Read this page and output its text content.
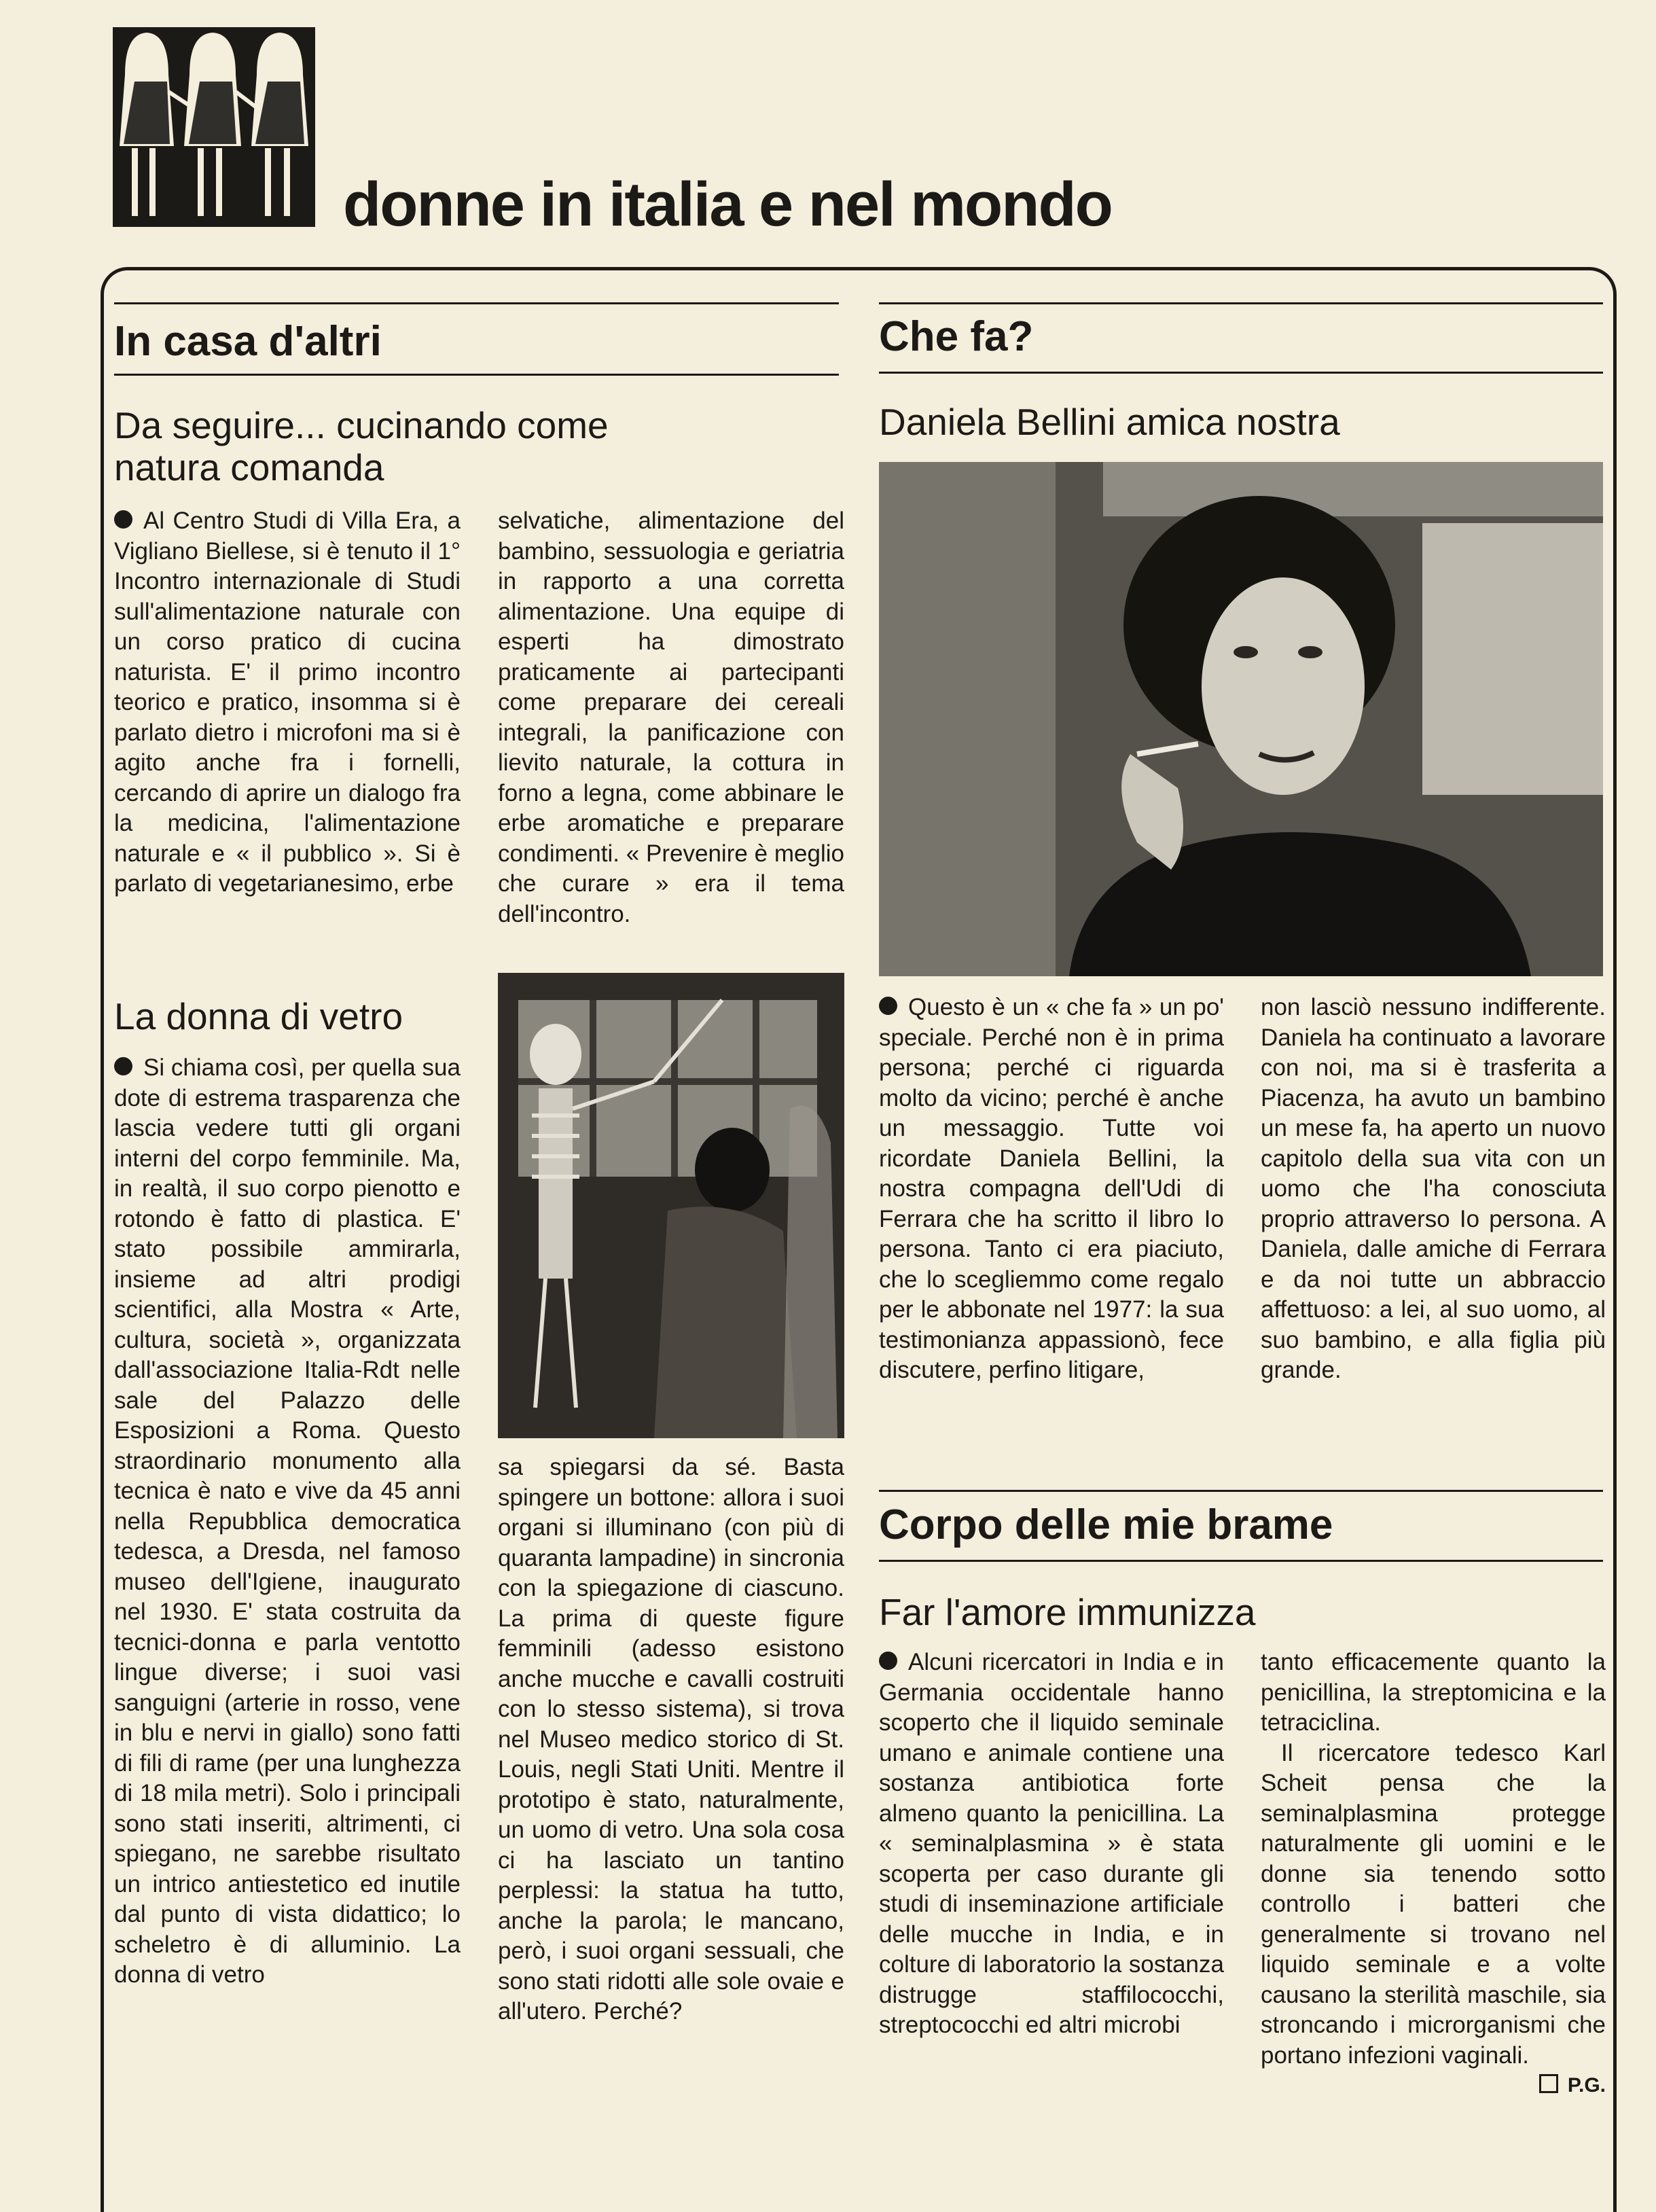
donne in italia e nel mondo
In casa d'altri
Da seguire... cucinando come natura comanda

Al Centro Studi di Villa Era, a Vigliano Biellese, si è tenuto il 1° Incontro internazionale di Studi sull'alimentazione naturale con un corso pratico di cucina naturista. E' il primo incontro teorico e pratico, insomma si è parlato dietro i microfoni ma si è agito anche fra i fornelli, cercando di aprire un dialogo fra la medicina, l'alimentazione naturale e « il pubblico ». Si è parlato di vegetarianesimo, erbe

selvatiche, alimentazione del bambino, sessuologia e geriatria in rapporto a una corretta alimentazione. Una equipe di esperti ha dimostrato praticamente ai partecipanti come preparare dei cereali integrali, la panificazione con lievito naturale, la cottura in forno a legna, come abbinare le erbe aromatiche e preparare condimenti. « Prevenire è meglio che curare » era il tema dell'incontro.

La donna di vetro

Si chiama così, per quella sua dote di estrema trasparenza che lascia vedere tutti gli organi interni del corpo femminile. Ma, in realtà, il suo corpo pienotto e rotondo è fatto di plastica. E' stato possibile ammirarla, insieme ad altri prodigi scientifici, alla Mostra « Arte, cultura, società », organizzata dall'associazione Italia-Rdt nelle sale del Palazzo delle Esposizioni a Roma. Questo straordinario monumento alla tecnica è nato e vive da 45 anni nella Repubblica democratica tedesca, a Dresda, nel famoso museo dell'Igiene, inaugurato nel 1930. E' stata costruita da tecnici-donna e parla ventotto lingue diverse; i suoi vasi sanguigni (arterie in rosso, vene in blu e nervi in giallo) sono fatti di fili di rame (per una lunghezza di 18 mila metri). Solo i principali sono stati inseriti, altrimenti, ci spiegano, ne sarebbe risultato un intrico antiestetico ed inutile dal punto di vista didattico; lo scheletro è di alluminio. La donna di vetro

sa spiegarsi da sé. Basta spingere un bottone: allora i suoi organi si illuminano (con più di quaranta lampadine) in sincronia con la spiegazione di ciascuno. La prima di queste figure femminili (adesso esistono anche mucche e cavalli costruiti con lo stesso sistema), si trova nel Museo medico storico di St. Louis, negli Stati Uniti. Mentre il prototipo è stato, naturalmente, un uomo di vetro. Una sola cosa ci ha lasciato un tantino perplessi: la statua ha tutto, anche la parola; le mancano, però, i suoi organi sessuali, che sono stati ridotti alle sole ovaie e all'utero. Perché?

Che fa?
Daniela Bellini amica nostra

Questo è un « che fa » un po' speciale. Perché non è in prima persona; perché ci riguarda molto da vicino; perché è anche un messaggio. Tutte voi ricordate Daniela Bellini, la nostra compagna dell'Udi di Ferrara che ha scritto il libro Io persona. Tanto ci era piaciuto, che lo scegliemmo come regalo per le abbonate nel 1977: la sua testimonianza appassionò, fece discutere, perfino litigare,

non lasciò nessuno indifferente. Daniela ha continuato a lavorare con noi, ma si è trasferita a Piacenza, ha avuto un bambino un mese fa, ha aperto un nuovo capitolo della sua vita con un uomo che l'ha conosciuta proprio attraverso Io persona. A Daniela, dalle amiche di Ferrara e da noi tutte un abbraccio affettuoso: a lei, al suo uomo, al suo bambino, e alla figlia più grande.

Corpo delle mie brame
Far l'amore immunizza

Alcuni ricercatori in India e in Germania occidentale hanno scoperto che il liquido seminale umano e animale contiene una sostanza antibiotica forte almeno quanto la penicillina. La « seminalplasmina » è stata scoperta per caso durante gli studi di inseminazione artificiale delle mucche in India, e in colture di laboratorio la sostanza distrugge staffilococchi, streptococchi ed altri microbi

tanto efficacemente quanto la penicillina, la streptomicina e la tetraciclina.

Il ricercatore tedesco Karl Scheit pensa che la seminalplasmina protegge naturalmente gli uomini e le donne sia tenendo sotto controllo i batteri che generalmente si trovano nel liquido seminale e a volte causano la sterilità maschile, sia stroncando i microrganismi che portano infezioni vaginali.

P.G.
